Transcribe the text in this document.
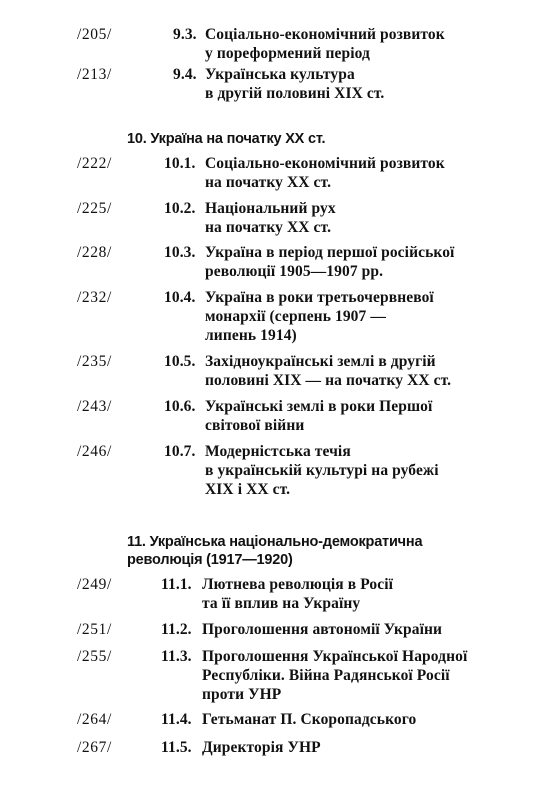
/205/	9.3. Соціально-економічний розвиток
у пореформений період
/213/	9.4. Українська культура
в другій половині XIX ст.
10. Україна на початку XX ст.
/222/	10.1. Соціально-економічний розвиток
на початку XX ст.
/225/	10.2. Національний рух
на початку XX ст.
/228/	10.3. Україна в період першої російської
революції 1905—1907 рр.
/232/	10.4. Україна в роки третьочервневої
монархії (серпень 1907 —
липень 1914)
/235/	10.5. Західноукраїнські землі в другій
половині XIX — на початку XX ст.
/243/	10.6. Українські землі в роки Першої
світової війни
/246/	10.7. Модерністська течія
в українській культурі на рубежі
XIX і XX ст.
11. Українська національно-демократична
революція (1917—1920)
/249/	11.1. Лютнева революція в Росії
та її вплив на Україну
/251/	11.2. Проголошення автономії України
/255/	11.3. Проголошення Української Народної
Республіки. Війна Радянської Росії
проти УНР
/264/	11.4. Гетьманат П. Скоропадського
/267/	11.5. Директорія УНР
